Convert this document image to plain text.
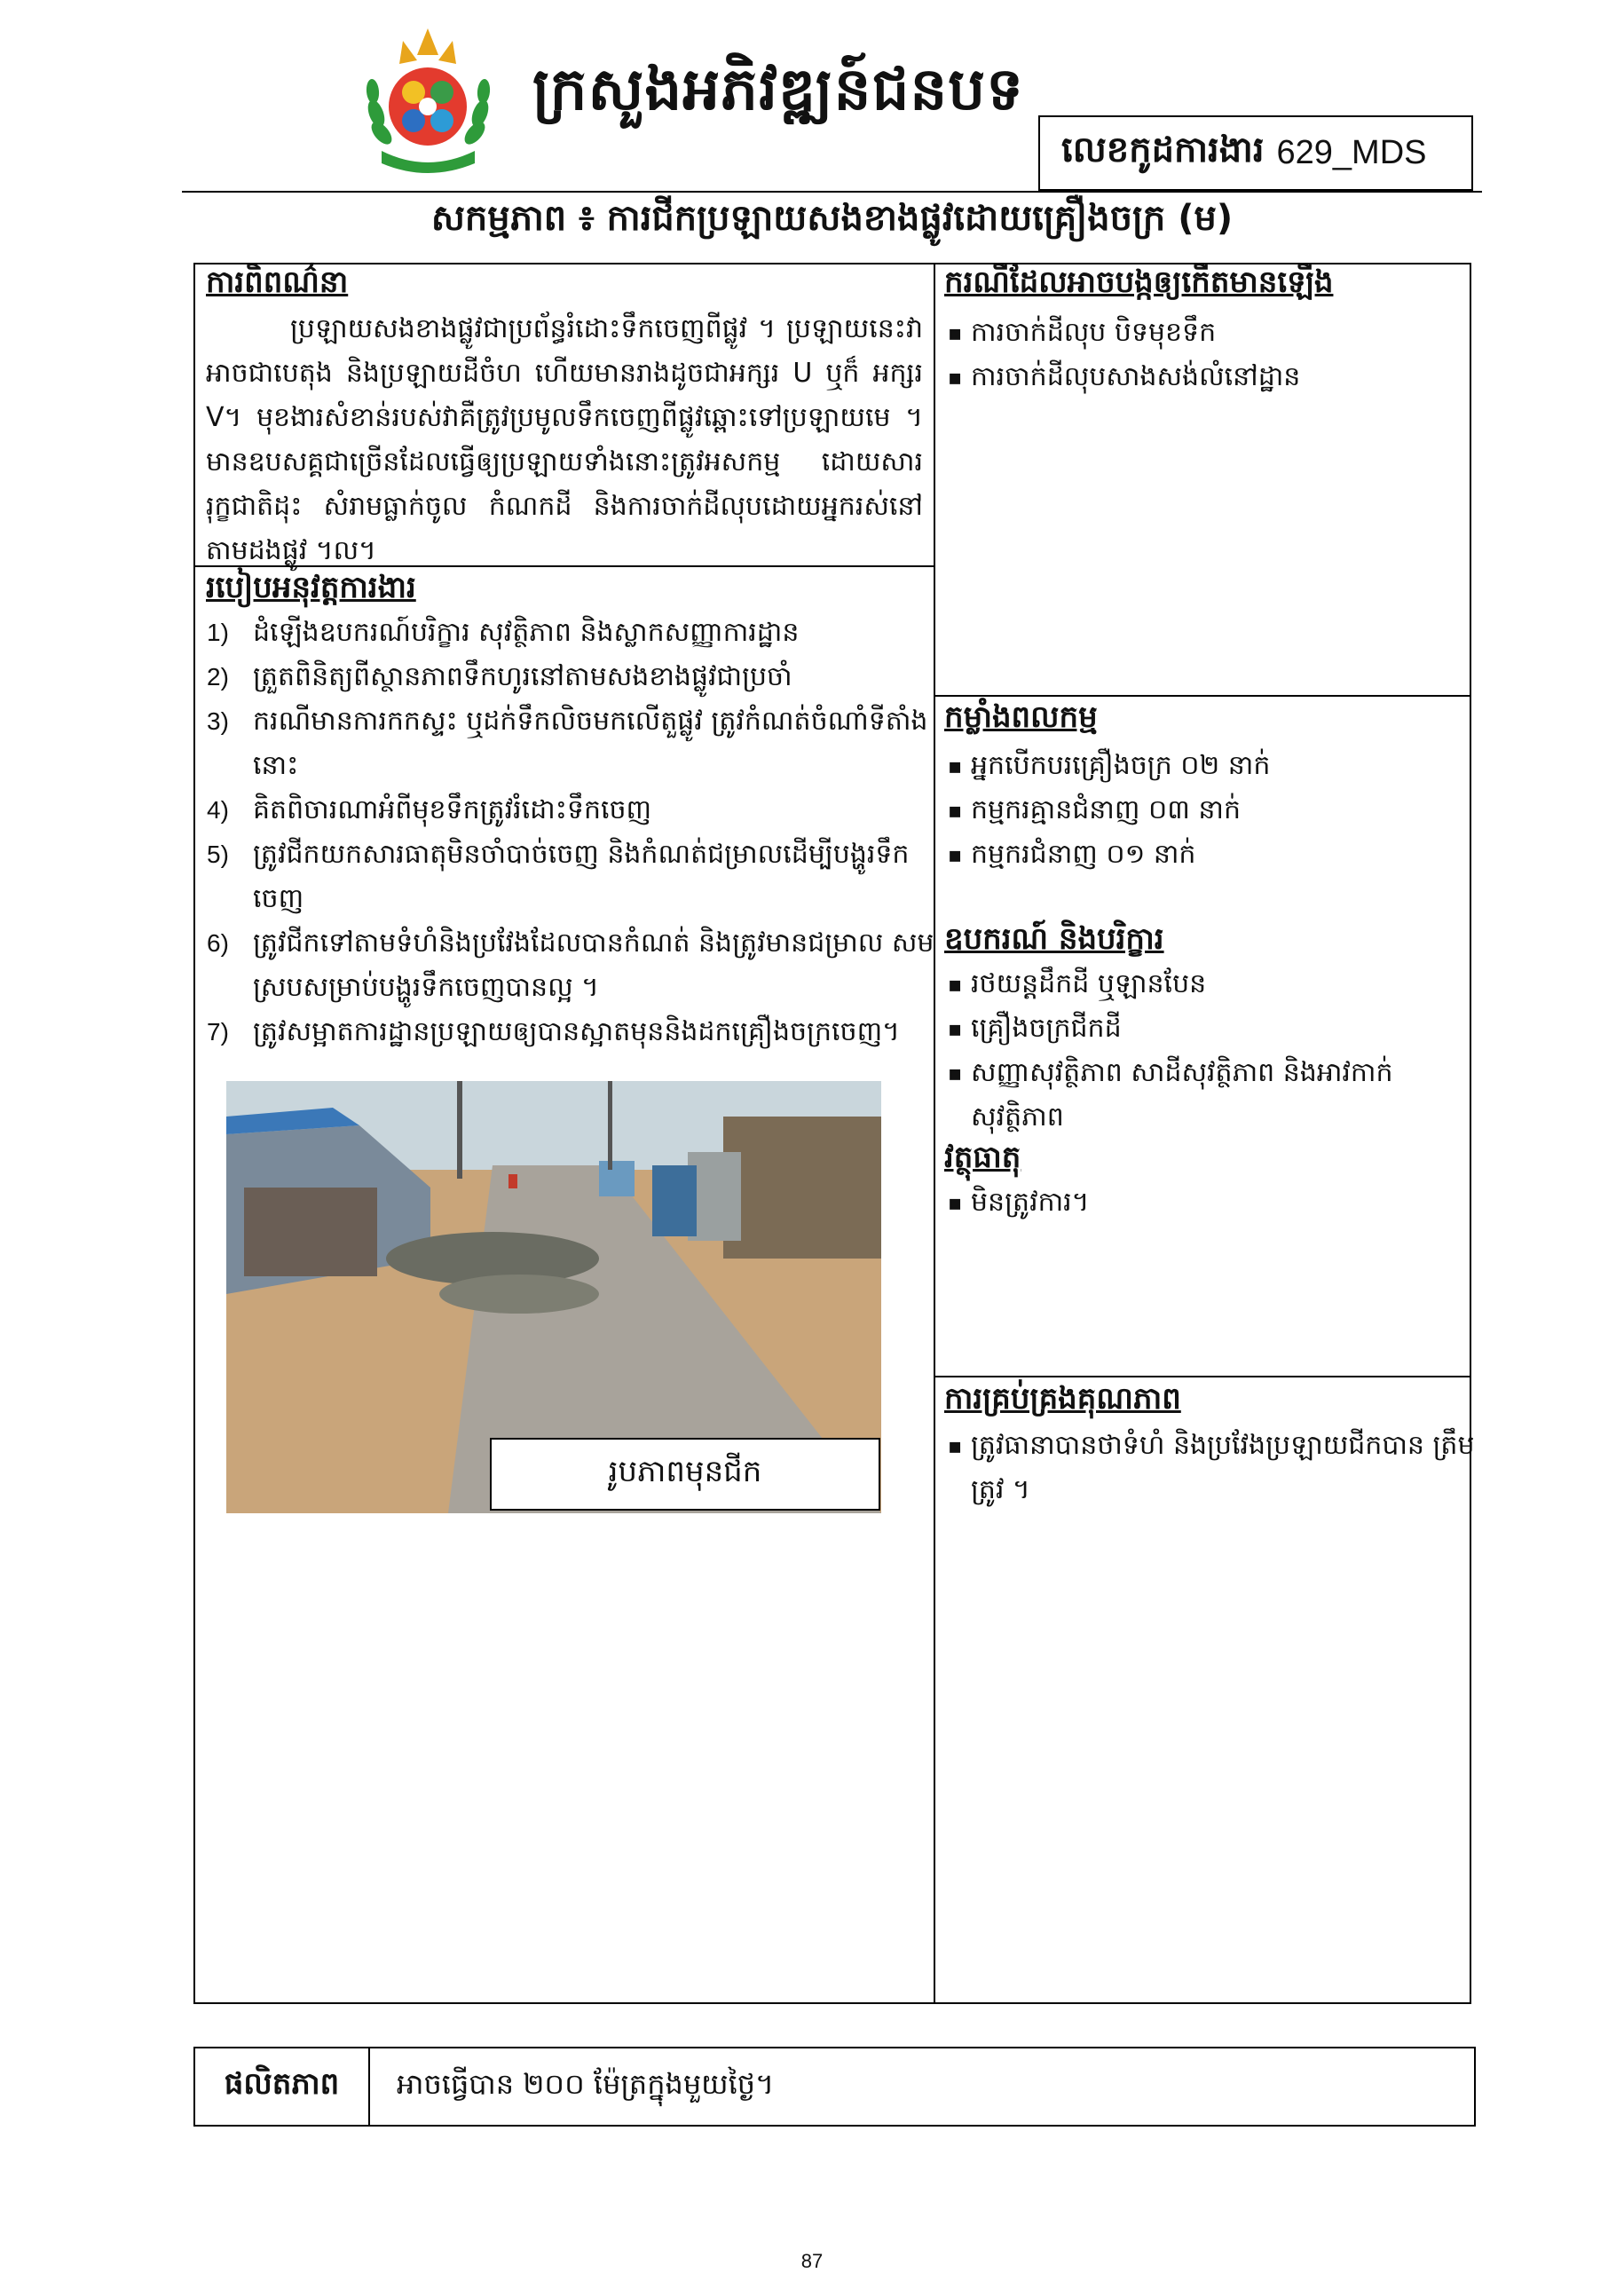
ក្រសួងអភិវឌ្ឍន៍ជនបទ
លេខកូដការងារ 629_MDS
សកម្មភាព ៖ ការជីកប្រឡាយសងខាងផ្លូវដោយគ្រឿងចក្រ (ម)
ការពិពណ៌នា
ប្រឡាយសងខាងផ្លូវជាប្រព័ន្ធរំដោះទឹកចេញពីផ្លូវ ។ ប្រឡាយនេះវាអាចជាបេតុង និងប្រឡាយដីចំហ ហើយមានរាងដូចជាអក្សរ U ឬក៏ អក្សរ V។ មុខងារសំខាន់របស់វាគឺត្រូវប្រមូលទឹកចេញពីផ្លូវឆ្ពោះទៅប្រឡាយមេ ។ មានឧបសគ្គជាច្រើនដែលធ្វើឲ្យប្រឡាយទាំងនោះត្រូវអសកម្ម ដោយសាររុក្ខជាតិដុះ សំរាមធ្លាក់ចូល កំណកដី និងការចាក់ដីលុបដោយអ្នករស់នៅតាមដងផ្លូវ ។ល។
របៀបអនុវត្តការងារ
ដំឡើងឧបករណ៍បរិក្ខារ សុវត្ថិភាព និងស្លាកសញ្ញាការដ្ឋាន
ត្រួតពិនិត្យពីស្ថានភាពទឹកហូរនៅតាមសងខាងផ្លូវជាប្រចាំ
ករណីមានការកកស្ទះ ឬដក់ទឹកលិចមកលើតួផ្លូវ ត្រូវកំណត់ចំណាំទីតាំងនោះ
គិតពិចារណាអំពីមុខទឹកត្រូវរំដោះទឹកចេញ
ត្រូវជីកយកសារធាតុមិនចាំបាច់ចេញ និងកំណត់ជម្រាលដើម្បីបង្ហូរទឹកចេញ
ត្រូវជីកទៅតាមទំហំនិងប្រវែងដែលបានកំណត់ និងត្រូវមានជម្រាល សមស្របសម្រាប់បង្ហូរទឹកចេញបានល្អ ។
ត្រូវសម្អាតការដ្ឋានប្រឡាយឲ្យបានស្អាតមុននិងដកគ្រឿងចក្រចេញ។
រូបភាពមុនជីក
ករណីដែលអាចបង្កឲ្យកើតមានឡើង
▪ ការចាក់ដីលុប បិទមុខទឹក
▪ ការចាក់ដីលុបសាងសង់លំនៅដ្ឋាន
កម្លាំងពលកម្ម
▪ អ្នកបើកបរគ្រឿងចក្រ ០២ នាក់
▪ កម្មករគ្មានជំនាញ ០៣ នាក់
▪ កម្មករជំនាញ ០១ នាក់
ឧបករណ៍ និងបរិក្ខារ
▪ រថយន្តដឹកដី ឬឡានបែន
▪ គ្រឿងចក្រជីកដី
▪ សញ្ញាសុវត្ថិភាព សាដីសុវត្ថិភាព និងអាវកាក់សុវត្ថិភាព
វត្ថុធាតុ
▪ មិនត្រូវការ។
ការគ្រប់គ្រងគុណភាព
▪ ត្រូវធានាបានថាទំហំ និងប្រវែងប្រឡាយជីកបាន ត្រឹមត្រូវ ។
ផលិតភាព	អាចធ្វើបាន ២០០ ម៉ែត្រក្នុងមួយថ្ងៃ។
87
